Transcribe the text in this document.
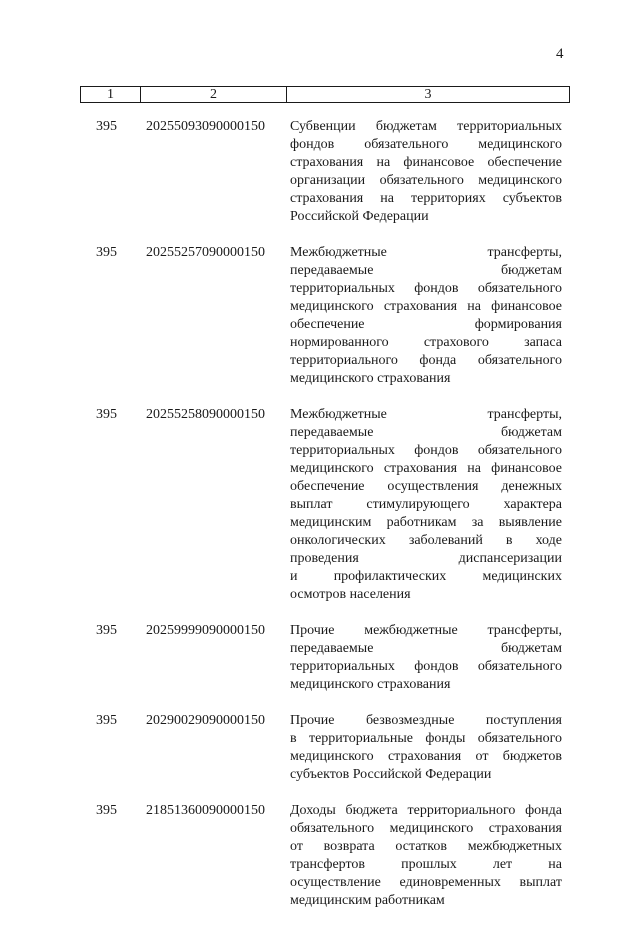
4
1	2	3
395 20255093090000150 Субвенции бюджетам территориальных
фондов обязательного медицинского
страхования на финансовое обеспечение
организации обязательного медицинского
страхования на территориях субъектов
Российской Федерации
395 20255257090000150 Межбюджетные	трансферты,
передаваемые	бюджетам
территориальных фондов обязательного
медицинского страхования на финансовое
обеспечение	формирования
нормированного	страхового	запаса
территориального фонда обязательного
медицинского страхования
395 20255258090000150 Межбюджетные	трансферты,
передаваемые	бюджетам
территориальных фондов обязательного
медицинского страхования на финансовое
обеспечение осуществления денежных
выплат стимулирующего характера
медицинским работникам за выявление
онкологических заболеваний в ходе
проведения	диспансеризации
и	профилактических	медицинских
осмотров населения
395 20259999090000150 Прочие межбюджетные трансферты,
передаваемые	бюджетам
территориальных фондов обязательного
медицинского страхования
395 20290029090000150 Прочие безвозмездные поступления
в территориальные фонды обязательного
медицинского страхования от бюджетов
субъектов Российской Федерации
395 21851360090000150 Доходы бюджета территориального фонда
обязательного медицинского страхования
от возврата остатков межбюджетных
трансфертов	прошлых	лет	на
осуществление единовременных выплат
медицинским работникам
